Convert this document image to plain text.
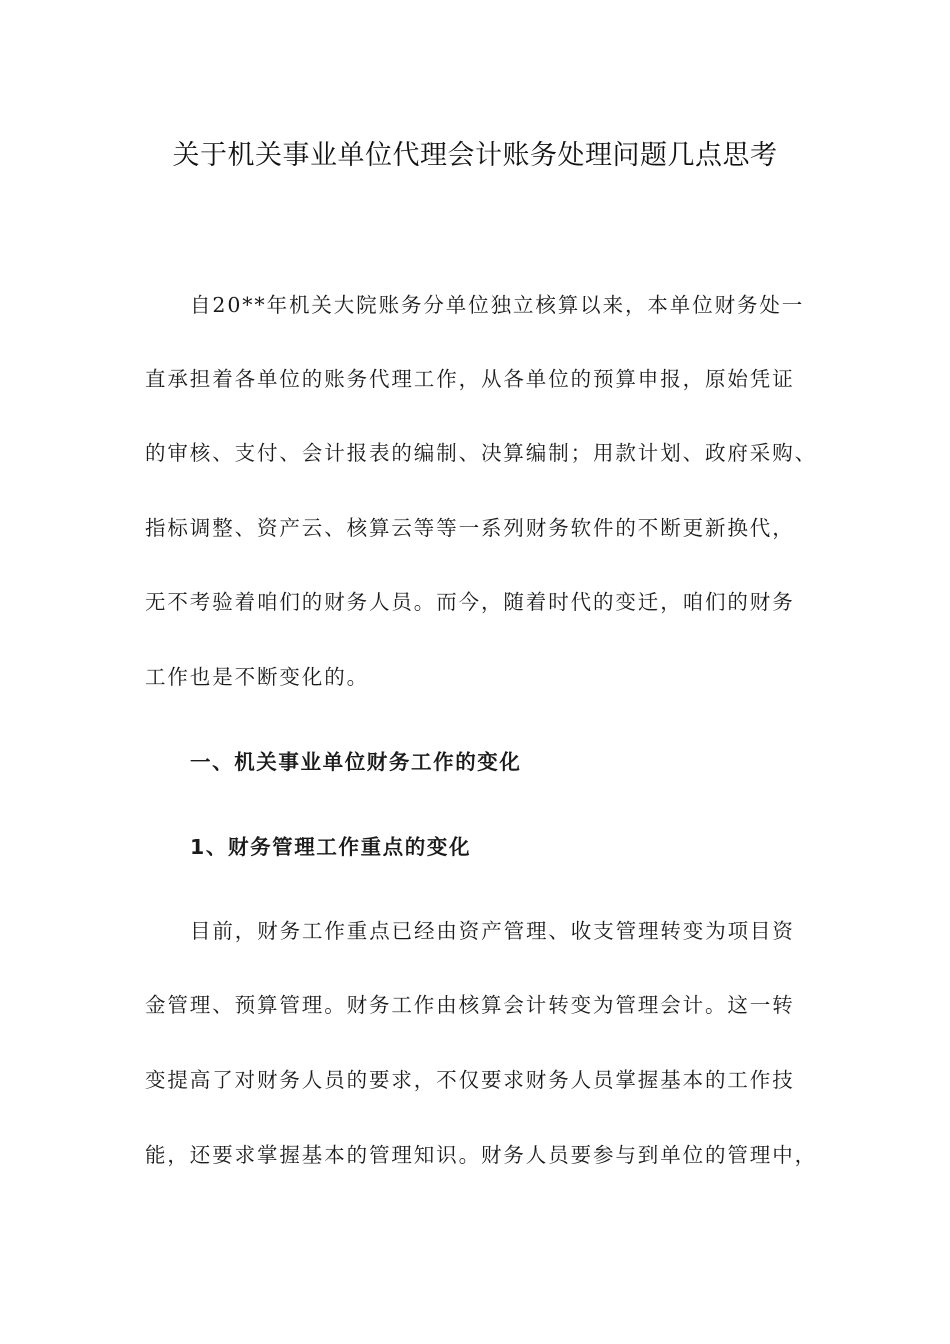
关于机关事业单位代理会计账务处理问题几点思考
自20**年机关大院账务分单位独立核算以来，本单位财务处一
直承担着各单位的账务代理工作，从各单位的预算申报，原始凭证
的审核、支付、会计报表的编制、决算编制；用款计划、政府采购、
指标调整、资产云、核算云等等一系列财务软件的不断更新换代，
无不考验着咱们的财务人员。而今，随着时代的变迁，咱们的财务
工作也是不断变化的。
一、机关事业单位财务工作的变化
1、财务管理工作重点的变化
目前，财务工作重点已经由资产管理、收支管理转变为项目资
金管理、预算管理。财务工作由核算会计转变为管理会计。这一转
变提高了对财务人员的要求，不仅要求财务人员掌握基本的工作技
能，还要求掌握基本的管理知识。财务人员要参与到单位的管理中，
